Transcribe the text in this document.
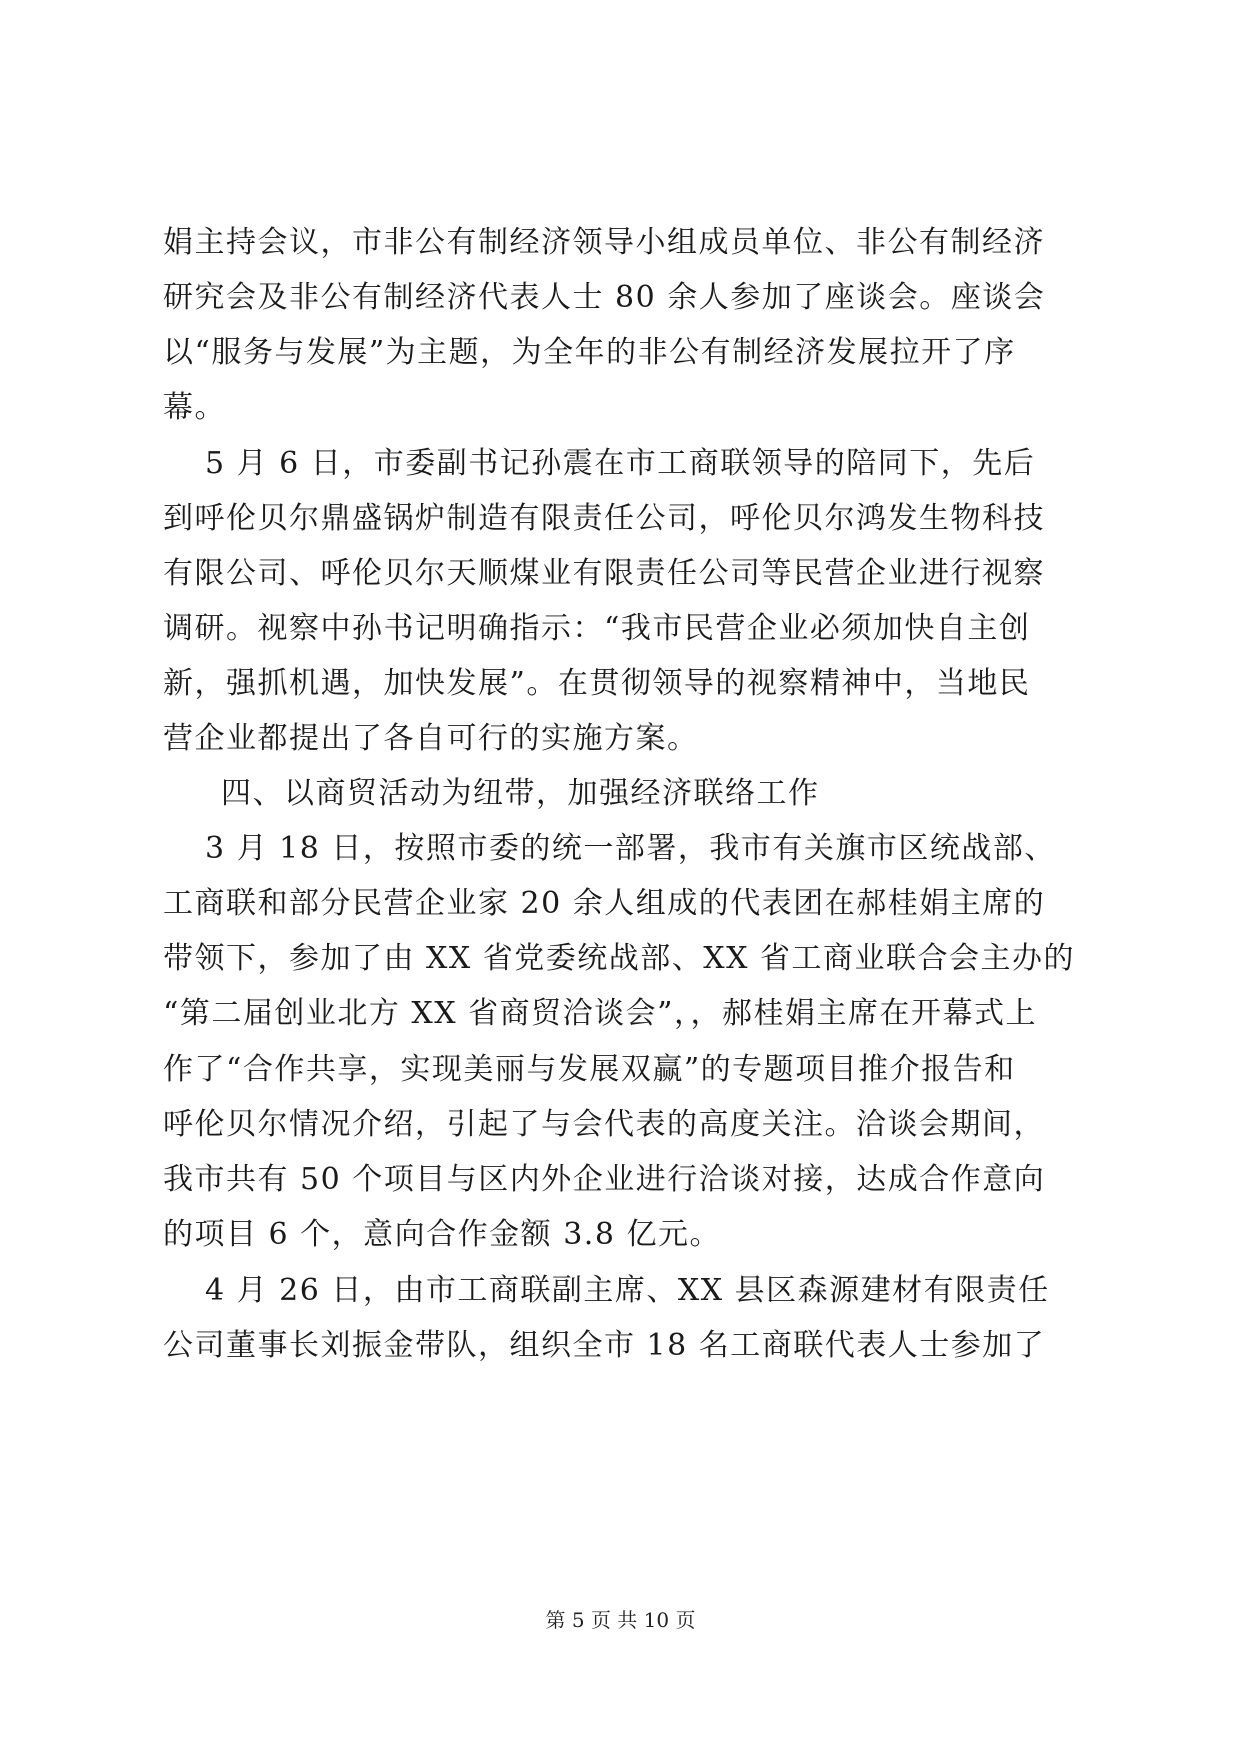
娟主持会议，市非公有制经济领导小组成员单位、非公有制经济
研究会及非公有制经济代表人士 80 余人参加了座谈会。座谈会
以“服务与发展”为主题，为全年的非公有制经济发展拉开了序
幕。
5 月 6 日，市委副书记孙震在市工商联领导的陪同下，先后
到呼伦贝尔鼎盛锅炉制造有限责任公司，呼伦贝尔鸿发生物科技
有限公司、呼伦贝尔天顺煤业有限责任公司等民营企业进行视察
调研。视察中孙书记明确指示：“我市民营企业必须加快自主创
新，强抓机遇，加快发展”。在贯彻领导的视察精神中，当地民
营企业都提出了各自可行的实施方案。
四、以商贸活动为纽带，加强经济联络工作
3 月 18 日，按照市委的统一部署，我市有关旗市区统战部、
工商联和部分民营企业家 20 余人组成的代表团在郝桂娟主席的
带领下，参加了由 XX 省党委统战部、XX 省工商业联合会主办的
“第二届创业北方 XX 省商贸洽谈会”，，郝桂娟主席在开幕式上
作了“合作共享，实现美丽与发展双赢”的专题项目推介报告和
呼伦贝尔情况介绍，引起了与会代表的高度关注。洽谈会期间，
我市共有 50 个项目与区内外企业进行洽谈对接，达成合作意向
的项目 6 个，意向合作金额 3.8 亿元。
4 月 26 日，由市工商联副主席、XX 县区森源建材有限责任
公司董事长刘振金带队，组织全市 18 名工商联代表人士参加了
第 5 页 共 10 页
